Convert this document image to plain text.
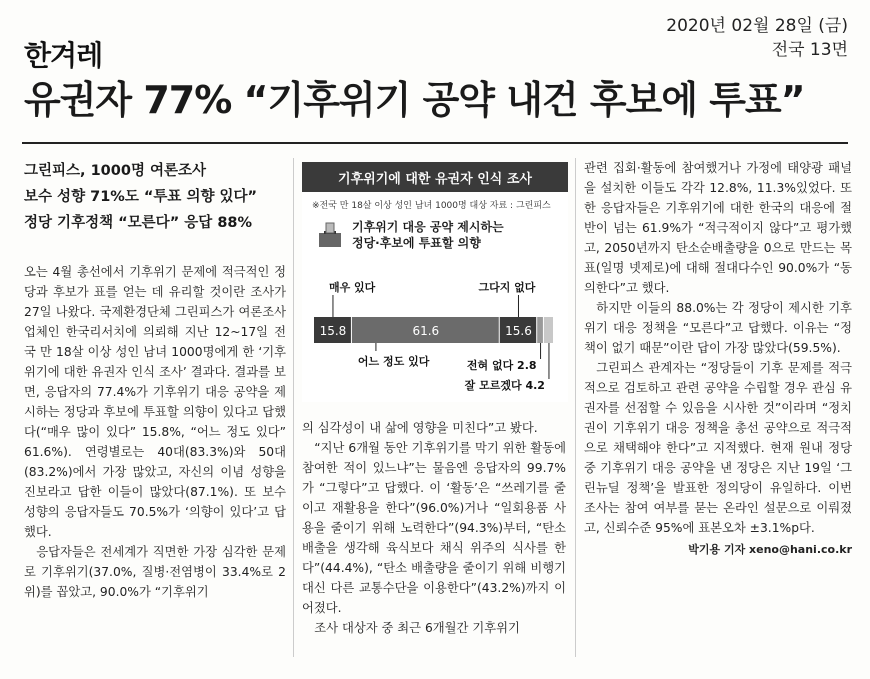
한겨레
2020년 02월 28일 (금)
전국 13면
유권자 77% “기후위기 공약 내건 후보에 투표”
그린피스, 1000명 여론조사
보수 성향 71%도 “투표 의향 있다”
정당 기후정책 “모른다” 응답 88%

오는 4월 총선에서 기후위기 문제에 적극적인 정당과 후보가 표를 얻는 데 유리할 것이란 조사가 27일 나왔다. 국제환경단체 그린피스가 여론조사업체인 한국리서치에 의뢰해 지난 12~17일 전국 만 18살 이상 성인 남녀 1000명에게 한 ‘기후위기에 대한 유권자 인식 조사’ 결과다. 결과를 보면, 응답자의 77.4%가 기후위기 대응 공약을 제시하는 정당과 후보에 투표할 의향이 있다고 답했다(“매우 많이 있다” 15.8%, “어느 정도 있다” 61.6%). 연령별로는 40대(83.3%)와 50대(83.2%)에서 가장 많았고, 자신의 이념 성향을 진보라고 답한 이들이 많았다(87.1%). 또 보수 성향의 응답자들도 70.5%가 ‘의향이 있다’고 답했다.

응답자들은 전세계가 직면한 가장 심각한 문제로 기후위기(37.0%, 질병·전염병이 33.4%로 2위)를 꼽았고, 90.0%가 “기후위기

기후위기에 대한 유권자 인식 조사
※전국 만 18살 이상 성인 남녀 1000명 대상 자료 : 그린피스
기후위기 대응 공약 제시하는
정당·후보에 투표할 의향
15.8	61.6	15.6
매우 있다	그다지 없다
어느 정도 있다	전혀 없다 2.8
잘 모르겠다 4.2

의 심각성이 내 삶에 영향을 미친다”고 봤다.

“지난 6개월 동안 기후위기를 막기 위한 활동에 참여한 적이 있느냐”는 물음엔 응답자의 99.7%가 “그렇다”고 답했다. 이 ‘활동’은 “쓰레기를 줄이고 재활용을 한다”(96.0%)거나 “일회용품 사용을 줄이기 위해 노력한다”(94.3%)부터, “탄소 배출을 생각해 육식보다 채식 위주의 식사를 한다”(44.4%), “탄소 배출량을 줄이기 위해 비행기 대신 다른 교통수단을 이용한다”(43.2%)까지 이어졌다.

조사 대상자 중 최근 6개월간 기후위기

관련 집회·활동에 참여했거나 가정에 태양광 패널을 설치한 이들도 각각 12.8%, 11.3%있었다. 또한 응답자들은 기후위기에 대한 한국의 대응에 절반이 넘는 61.9%가 “적극적이지 않다”고 평가했고, 2050년까지 탄소순배출량을 0으로 만드는 목표(일명 넷제로)에 대해 절대다수인 90.0%가 “동의한다”고 했다.

하지만 이들의 88.0%는 각 정당이 제시한 기후위기 대응 정책을 “모른다”고 답했다. 이유는 “정책이 없기 때문”이란 답이 가장 많았다(59.5%).

그린피스 관계자는 “정당들이 기후 문제를 적극적으로 검토하고 관련 공약을 수립할 경우 관심 유권자를 선점할 수 있음을 시사한 것”이라며 “정치권이 기후위기 대응 정책을 총선 공약으로 적극적으로 채택해야 한다”고 지적했다. 현재 원내 정당 중 기후위기 대응 공약을 낸 정당은 지난 19일 ‘그린뉴딜 정책’을 발표한 정의당이 유일하다. 이번 조사는 참여 여부를 묻는 온라인 설문으로 이뤄졌고, 신뢰수준 95%에 표본오차 ±3.1%p다.

박기용 기자 xeno@hani.co.kr
